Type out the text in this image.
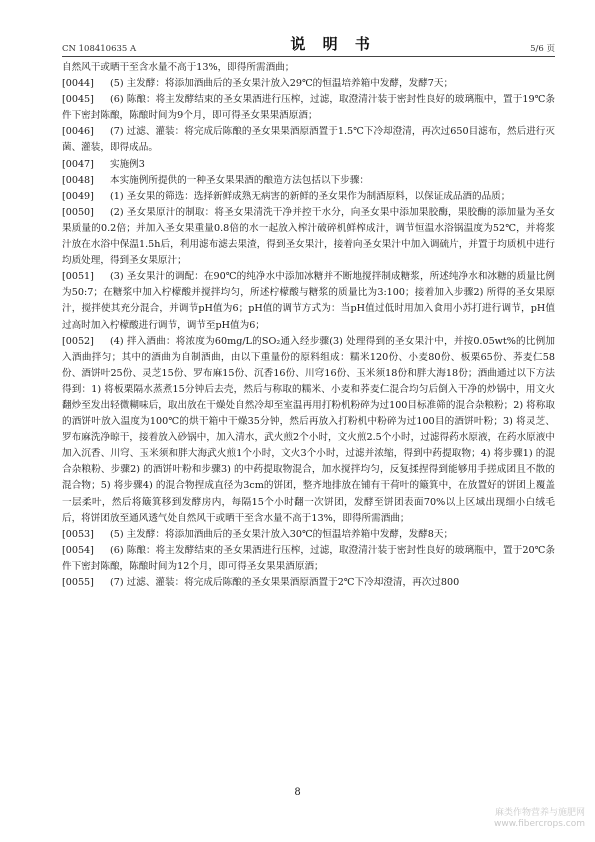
CN 108410635 A	说 明 书	5/6 页

自然风干或晒干至含水量不高于13%，即得所需酒曲；

[0044] (5) 主发酵：将添加酒曲后的圣女果汁放入29℃的恒温培养箱中发酵，发酵7天；

[0045] (6) 陈酿：将主发酵结束的圣女果酒进行压榨，过滤，取澄清汁装于密封性良好的玻璃瓶中，置于19℃条件下密封陈酿，陈酿时间为9个月，即可得圣女果果酒原酒；

[0046] (7) 过滤、灌装：将完成后陈酿的圣女果果酒原酒置于1.5℃下冷却澄清，再次过650目滤布，然后进行灭菌、灌装，即得成品。

[0047] 实施例3

[0048] 本实施例所提供的一种圣女果果酒的酿造方法包括以下步骤：

[0049] (1) 圣女果的筛选：选择新鲜成熟无病害的新鲜的圣女果作为制酒原料，以保证成品酒的品质；

[0050] (2) 圣女果原汁的制取：将圣女果清洗干净并控干水分，向圣女果中添加果胶酶，果胶酶的添加量为圣女果质量的0.2倍；并加入圣女果重量0.8倍的水一起放入榨汁破碎机鲜榨成汁，调节恒温水浴锅温度为52℃，并将浆汁放在水浴中保温1.5h后，利用滤布滤去果渣，得到圣女果汁，接着向圣女果汁中加入调硫片，并置于均质机中进行均质处理，得到圣女果原汁；

[0051] (3) 圣女果汁的调配：在90℃的纯净水中添加冰糖并不断地搅拌制成糖浆，所述纯净水和冰糖的质量比例为50:7；在糖浆中加入柠檬酸并搅拌均匀，所述柠檬酸与糖浆的质量比为3:100；接着加入步骤2) 所得的圣女果原汁，搅拌使其充分混合，并调节pH值为6；pH值的调节方式为：当pH值过低时用加入食用小苏打进行调节，pH值过高时加入柠檬酸进行调节，调节至pH值为6；

[0052] (4) 拌入酒曲：将浓度为60mg/L的SO₂通入经步骤(3) 处理得到的圣女果汁中，并按0.05wt%的比例加入酒曲拌匀；其中的酒曲为自制酒曲，由以下重量份的原料组成：糯米120份、小麦80份、板栗65份、荞麦仁58份、酒饼叶25份、灵芝15份、罗布麻15份、沉香16份、川穹16份、玉米须18份和胖大海18份；酒曲通过以下方法得到：1) 将板栗隔水蒸煮15分钟后去壳，然后与称取的糯米、小麦和荞麦仁混合均匀后倒入干净的炒锅中，用文火翻炒至发出轻微糊味后，取出放在干燥处自然冷却至室温再用打粉机粉碎为过100目标准筛的混合杂粮粉；2) 将称取的酒饼叶放入温度为100℃的烘干箱中干燥35分钟，然后再放入打粉机中粉碎为过100目的酒饼叶粉；3) 将灵芝、罗布麻洗净晾干，接着放入砂锅中，加入清水，武火煎2个小时，文火煎2.5个小时，过滤得药水原液，在药水原液中加入沉香、川穹、玉米须和胖大海武火煎1个小时，文火3个小时，过滤并浓缩，得到中药提取物；4) 将步骤1) 的混合杂粮粉、步骤2) 的酒饼叶粉和步骤3) 的中药提取物混合，加水搅拌均匀，反复揉捏得到能够用手搓成团且不散的混合物；5) 将步骤4) 的混合物捏成直径为3cm的饼团，整齐地排放在铺有干荷叶的簸箕中，在放置好的饼团上覆盖一层柔叶，然后将簸箕移到发酵房内，每隔15个小时翻一次饼团，发酵至饼团表面70%以上区域出现细小白绒毛后，将饼团放至通风透气处自然风干或晒干至含水量不高于13%，即得所需酒曲；

[0053] (5) 主发酵：将添加酒曲后的圣女果汁放入30℃的恒温培养箱中发酵，发酵8天；

[0054] (6) 陈酿：将主发酵结束的圣女果酒进行压榨，过滤，取澄清汁装于密封性良好的玻璃瓶中，置于20℃条件下密封陈酿，陈酿时间为12个月，即可得圣女果果酒原酒；

[0055] (7) 过滤、灌装：将完成后陈酿的圣女果果酒原酒置于2℃下冷却澄清，再次过800

8
麻类作物营养与施肥网
www.fibercrops.com
